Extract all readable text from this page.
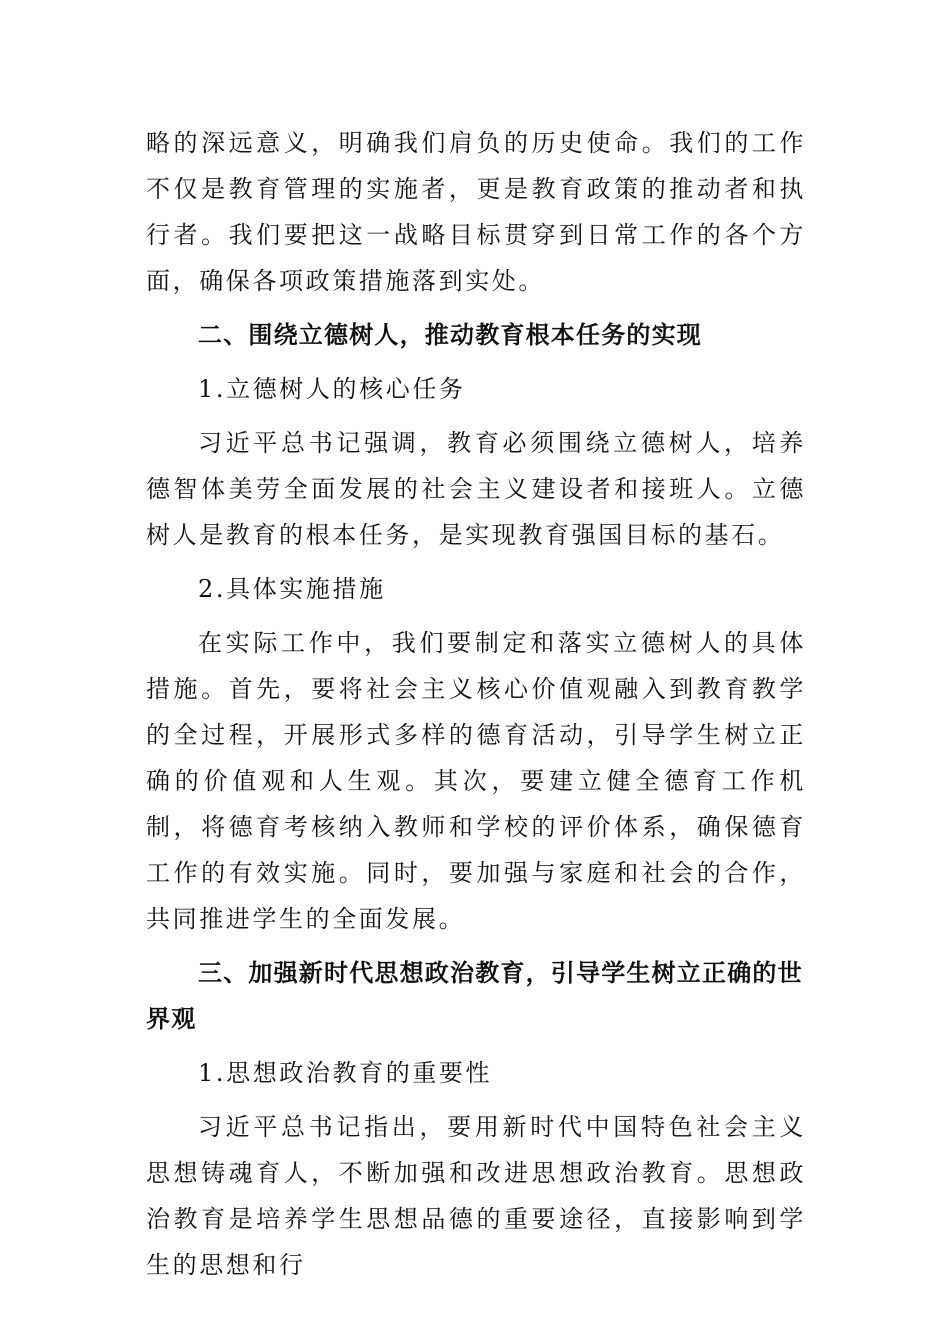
略的深远意义，明确我们肩负的历史使命。我们的工作不仅是教育管理的实施者，更是教育政策的推动者和执行者。我们要把这一战略目标贯穿到日常工作的各个方面，确保各项政策措施落到实处。

二、围绕立德树人，推动教育根本任务的实现

1.立德树人的核心任务

习近平总书记强调，教育必须围绕立德树人，培养德智体美劳全面发展的社会主义建设者和接班人。立德树人是教育的根本任务，是实现教育强国目标的基石。

2.具体实施措施

在实际工作中，我们要制定和落实立德树人的具体措施。首先，要将社会主义核心价值观融入到教育教学的全过程，开展形式多样的德育活动，引导学生树立正确的价值观和人生观。其次，要建立健全德育工作机制，将德育考核纳入教师和学校的评价体系，确保德育工作的有效实施。同时，要加强与家庭和社会的合作，共同推进学生的全面发展。

三、加强新时代思想政治教育，引导学生树立正确的世界观

1.思想政治教育的重要性

习近平总书记指出，要用新时代中国特色社会主义思想铸魂育人，不断加强和改进思想政治教育。思想政治教育是培养学生思想品德的重要途径，直接影响到学生的思想和行
